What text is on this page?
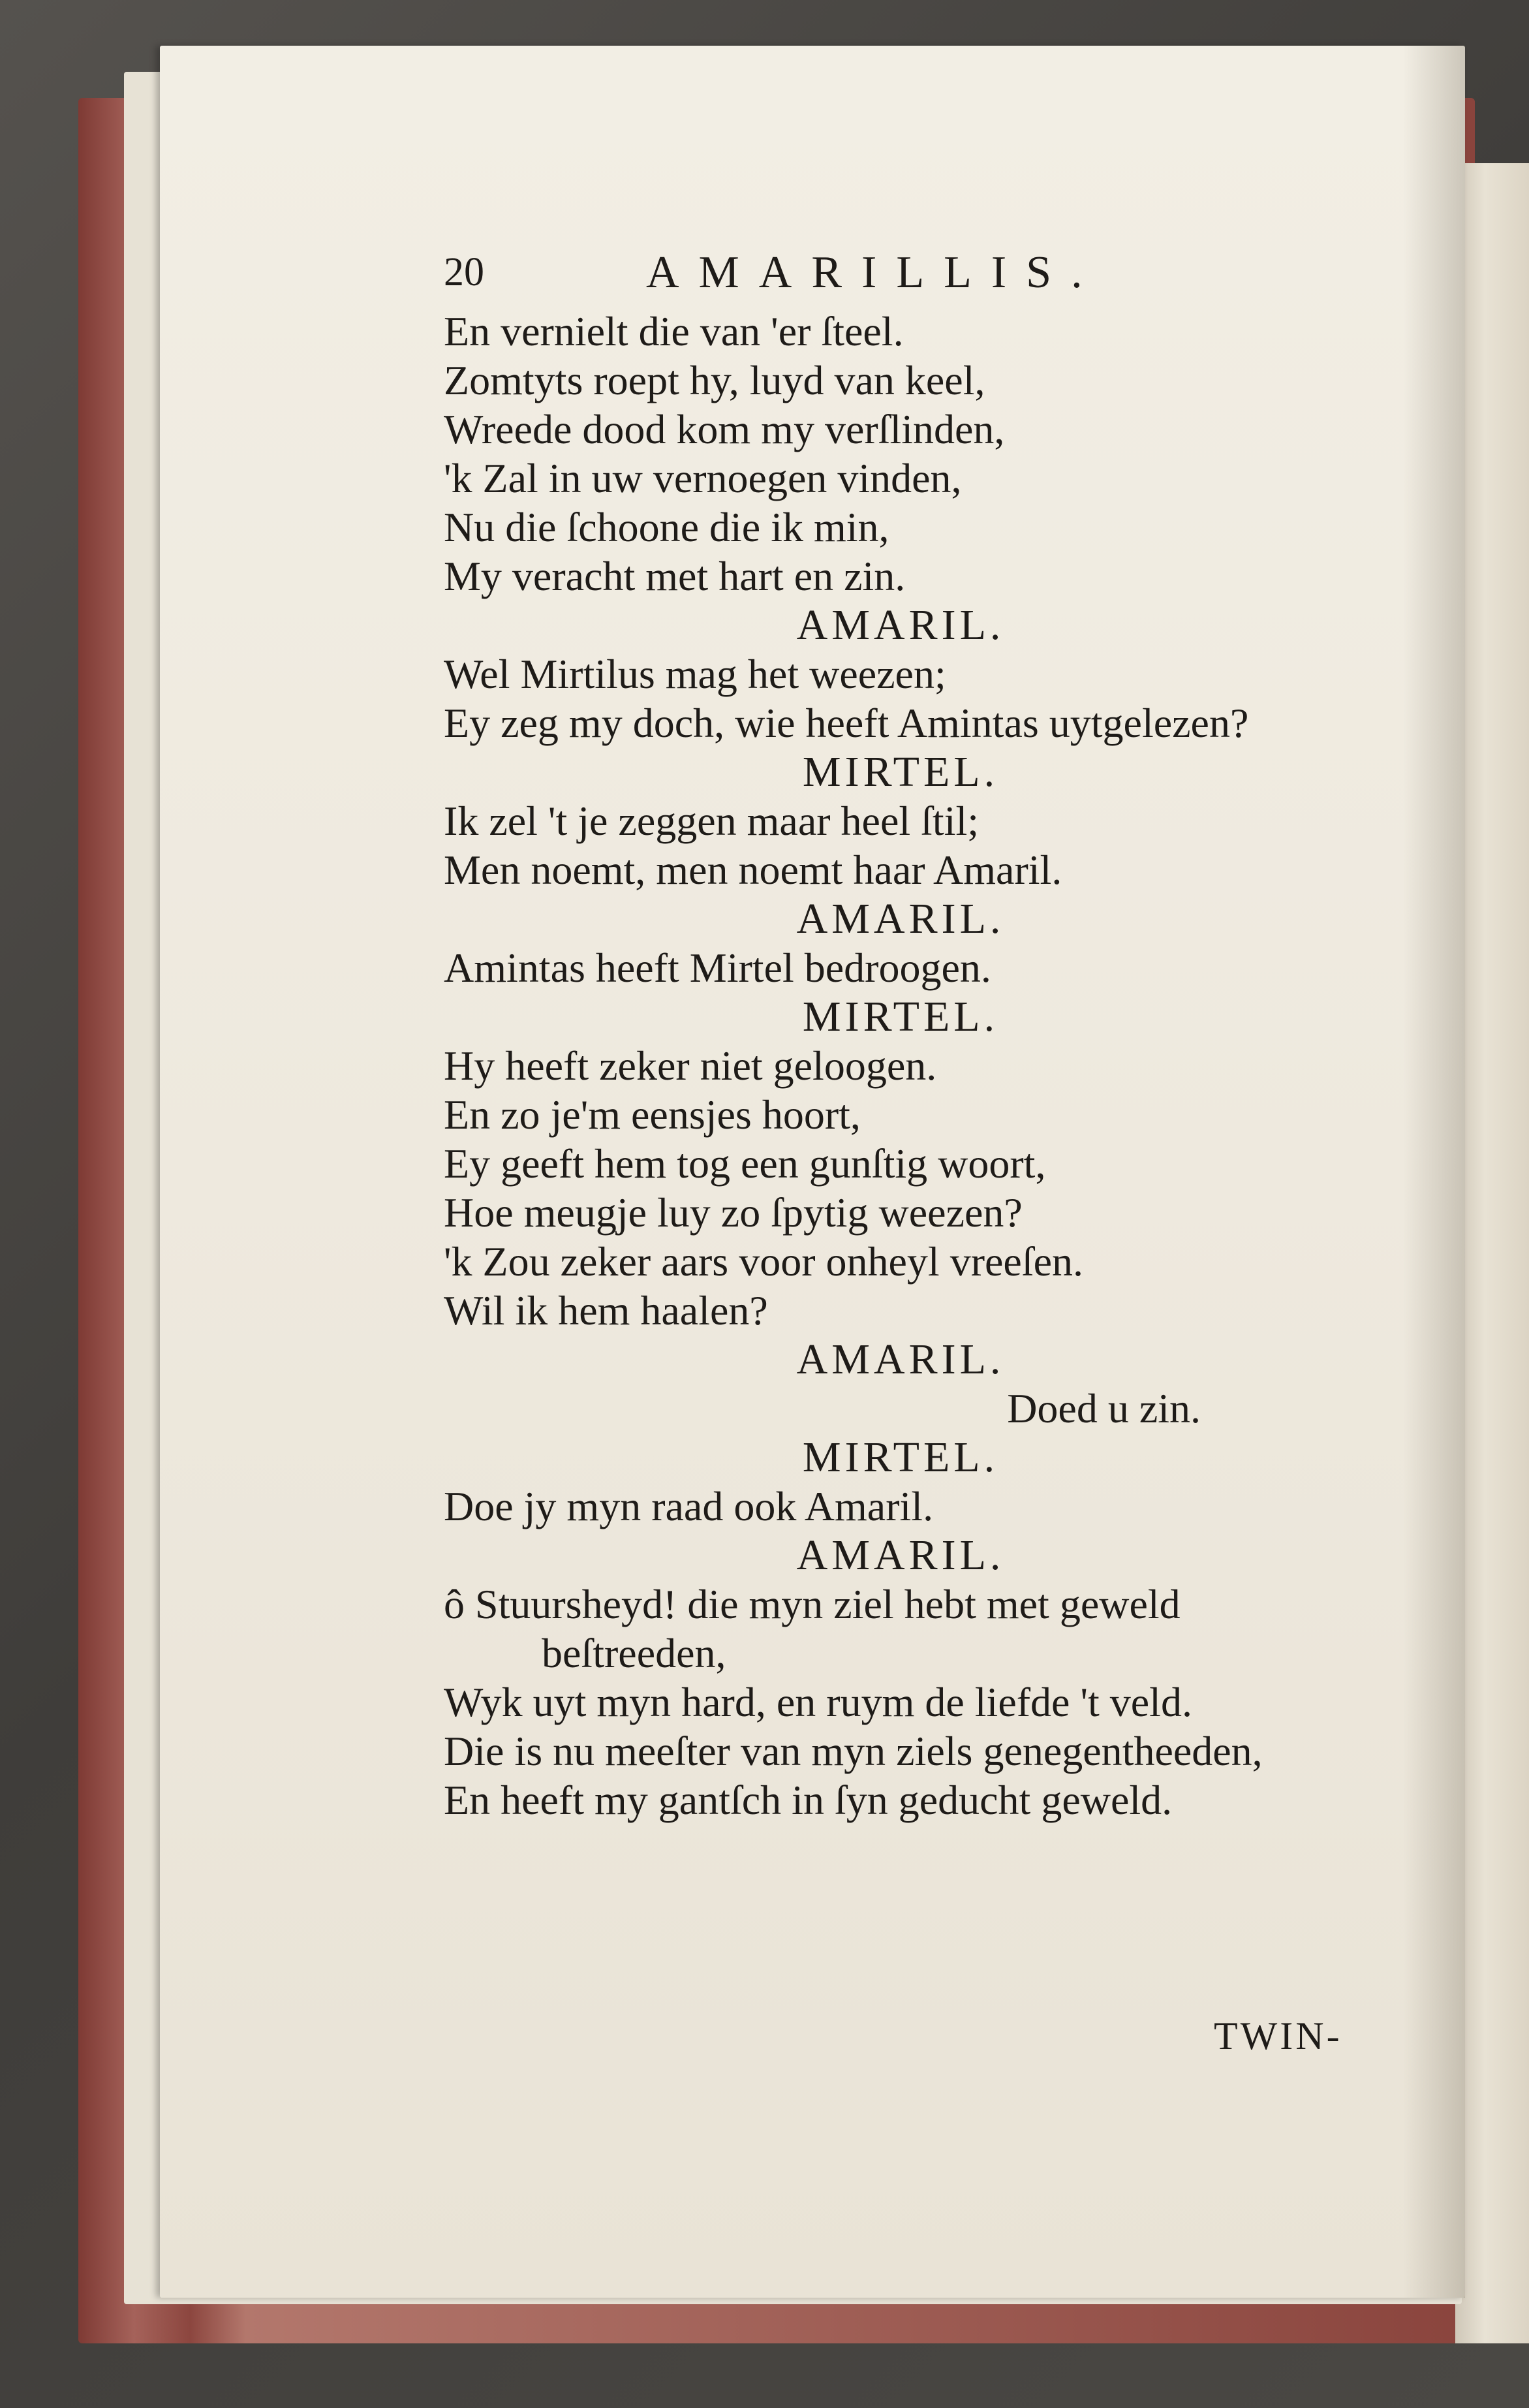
20	AMARILLIS.
En vernielt die van 'er ſteel.
Zomtyts roept hy, luyd van keel,
Wreede dood kom my verſlinden,
'k Zal in uw vernoegen vinden,
Nu die ſchoone die ik min,
My veracht met hart en zin.
AMARIL.
Wel Mirtilus mag het weezen;
Ey zeg my doch, wie heeft Amintas uytgelezen?
MIRTEL.
Ik zel 't je zeggen maar heel ſtil;
Men noemt, men noemt haar Amaril.
AMARIL.
Amintas heeft Mirtel bedroogen.
MIRTEL.
Hy heeft zeker niet geloogen.
En zo je'm eensjes hoort,
Ey geeft hem tog een gunſtig woort,
Hoe meugje luy zo ſpytig weezen?
'k Zou zeker aars voor onheyl vreeſen.
Wil ik hem haalen?
AMARIL.
Doed u zin.
MIRTEL.
Doe jy myn raad ook Amaril.
AMARIL.
ô Stuursheyd! die myn ziel hebt met geweld
beſtreeden,
Wyk uyt myn hard, en ruym de liefde 't veld.
Die is nu meeſter van myn ziels genegentheeden,
En heeft my gantſch in ſyn geducht geweld.
TWIN-
